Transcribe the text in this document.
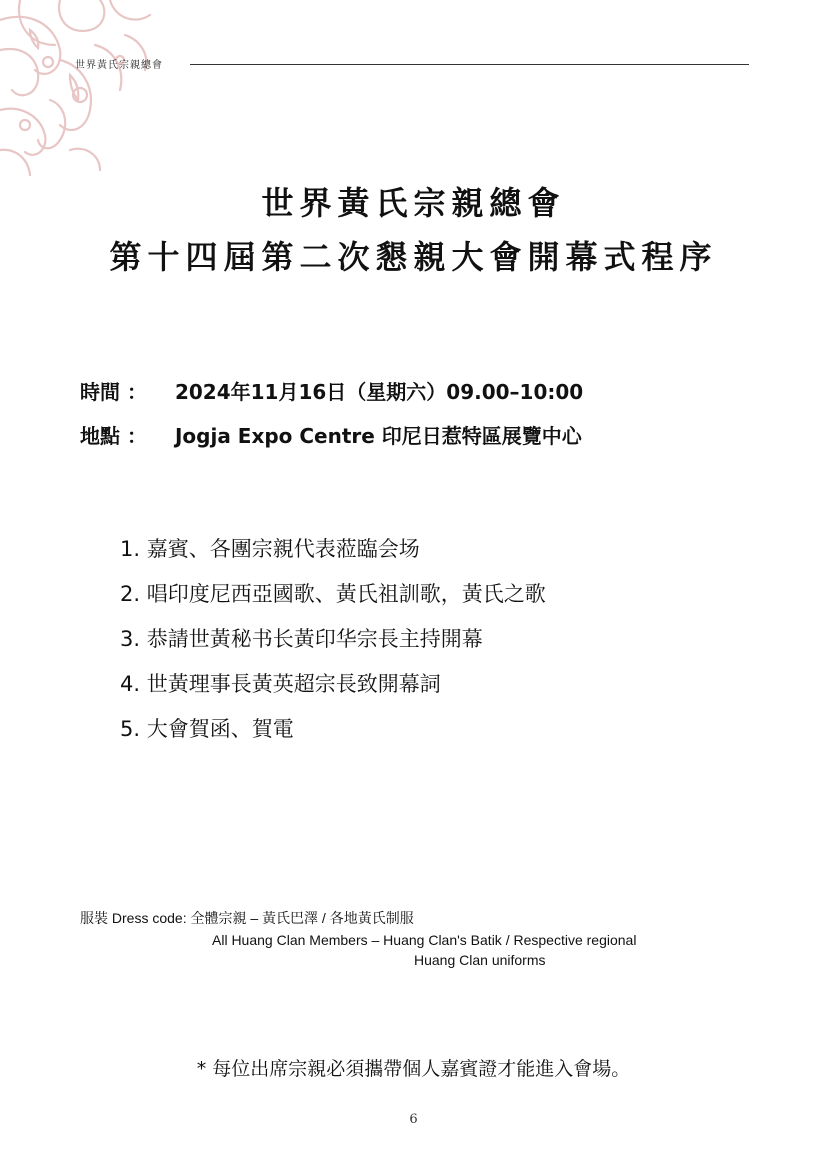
世界黃氏宗親總會
世界黃氏宗親總會
第十四屆第二次懇親大會開幕式程序
時間 ： 2024年11月16日（星期六）09.00–10:00
地點 ： Jogja Expo Centre 印尼日惹特區展覽中心
1. 嘉賓、各團宗親代表蒞臨会场
2. 唱印度尼西亞國歌、黃氏祖訓歌，黃氏之歌
3. 恭請世黃秘书长黃印华宗長主持開幕
4. 世黃理事長黃英超宗長致開幕詞
5. 大會賀函、賀電
服裝 Dress code: 全體宗親 – 黃氏巴澤 / 各地黃氏制服
All Huang Clan Members – Huang Clan's Batik / Respective regional
Huang Clan uniforms
* 每位出席宗親必須攜帶個人嘉賓證才能進入會場。
6
